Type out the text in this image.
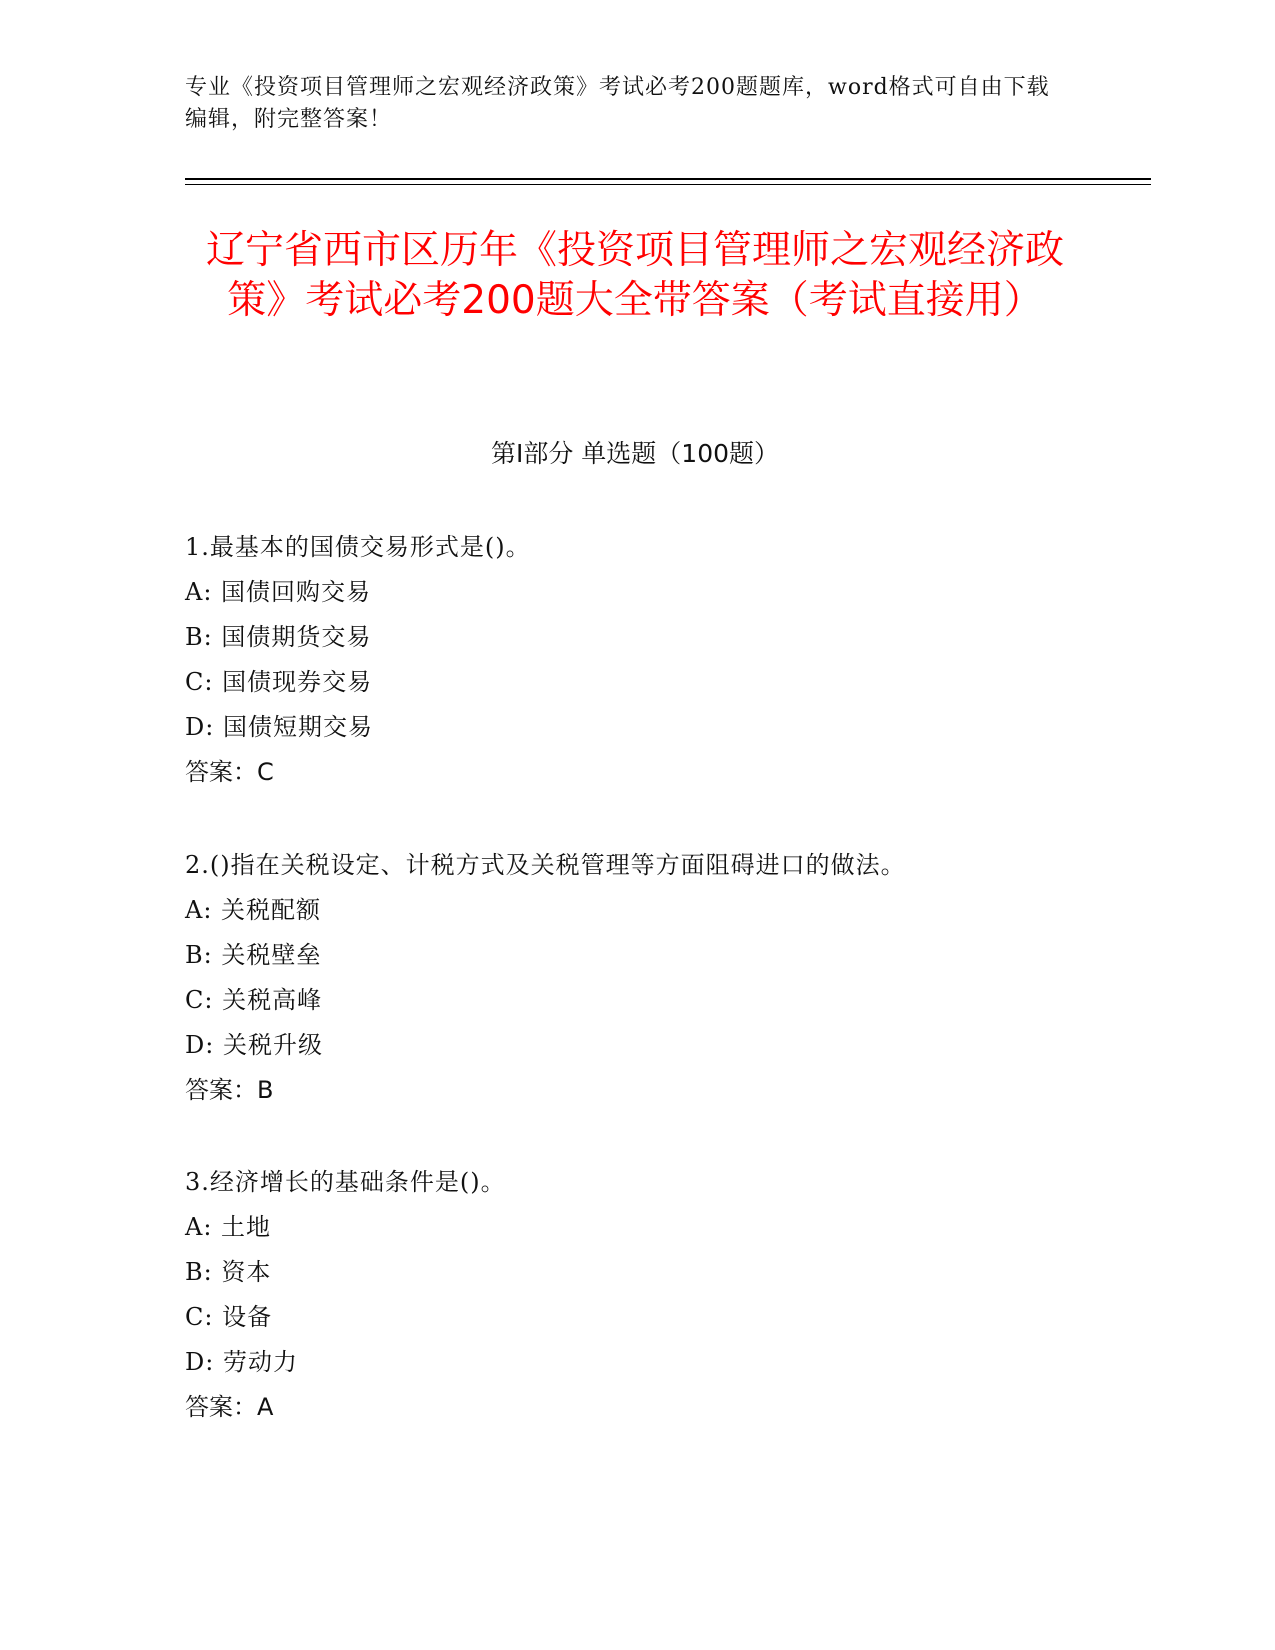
专业《投资项目管理师之宏观经济政策》考试必考200题题库，word格式可自由下载编辑，附完整答案！
辽宁省西市区历年《投资项目管理师之宏观经济政策》考试必考200题大全带答案（考试直接用）
第I部分 单选题（100题）
1.最基本的国债交易形式是()。
A: 国债回购交易
B: 国债期货交易
C: 国债现券交易
D: 国债短期交易
答案：C
2.()指在关税设定、计税方式及关税管理等方面阻碍进口的做法。
A: 关税配额
B: 关税壁垒
C: 关税高峰
D: 关税升级
答案：B
3.经济增长的基础条件是()。
A: 土地
B: 资本
C: 设备
D: 劳动力
答案：A
